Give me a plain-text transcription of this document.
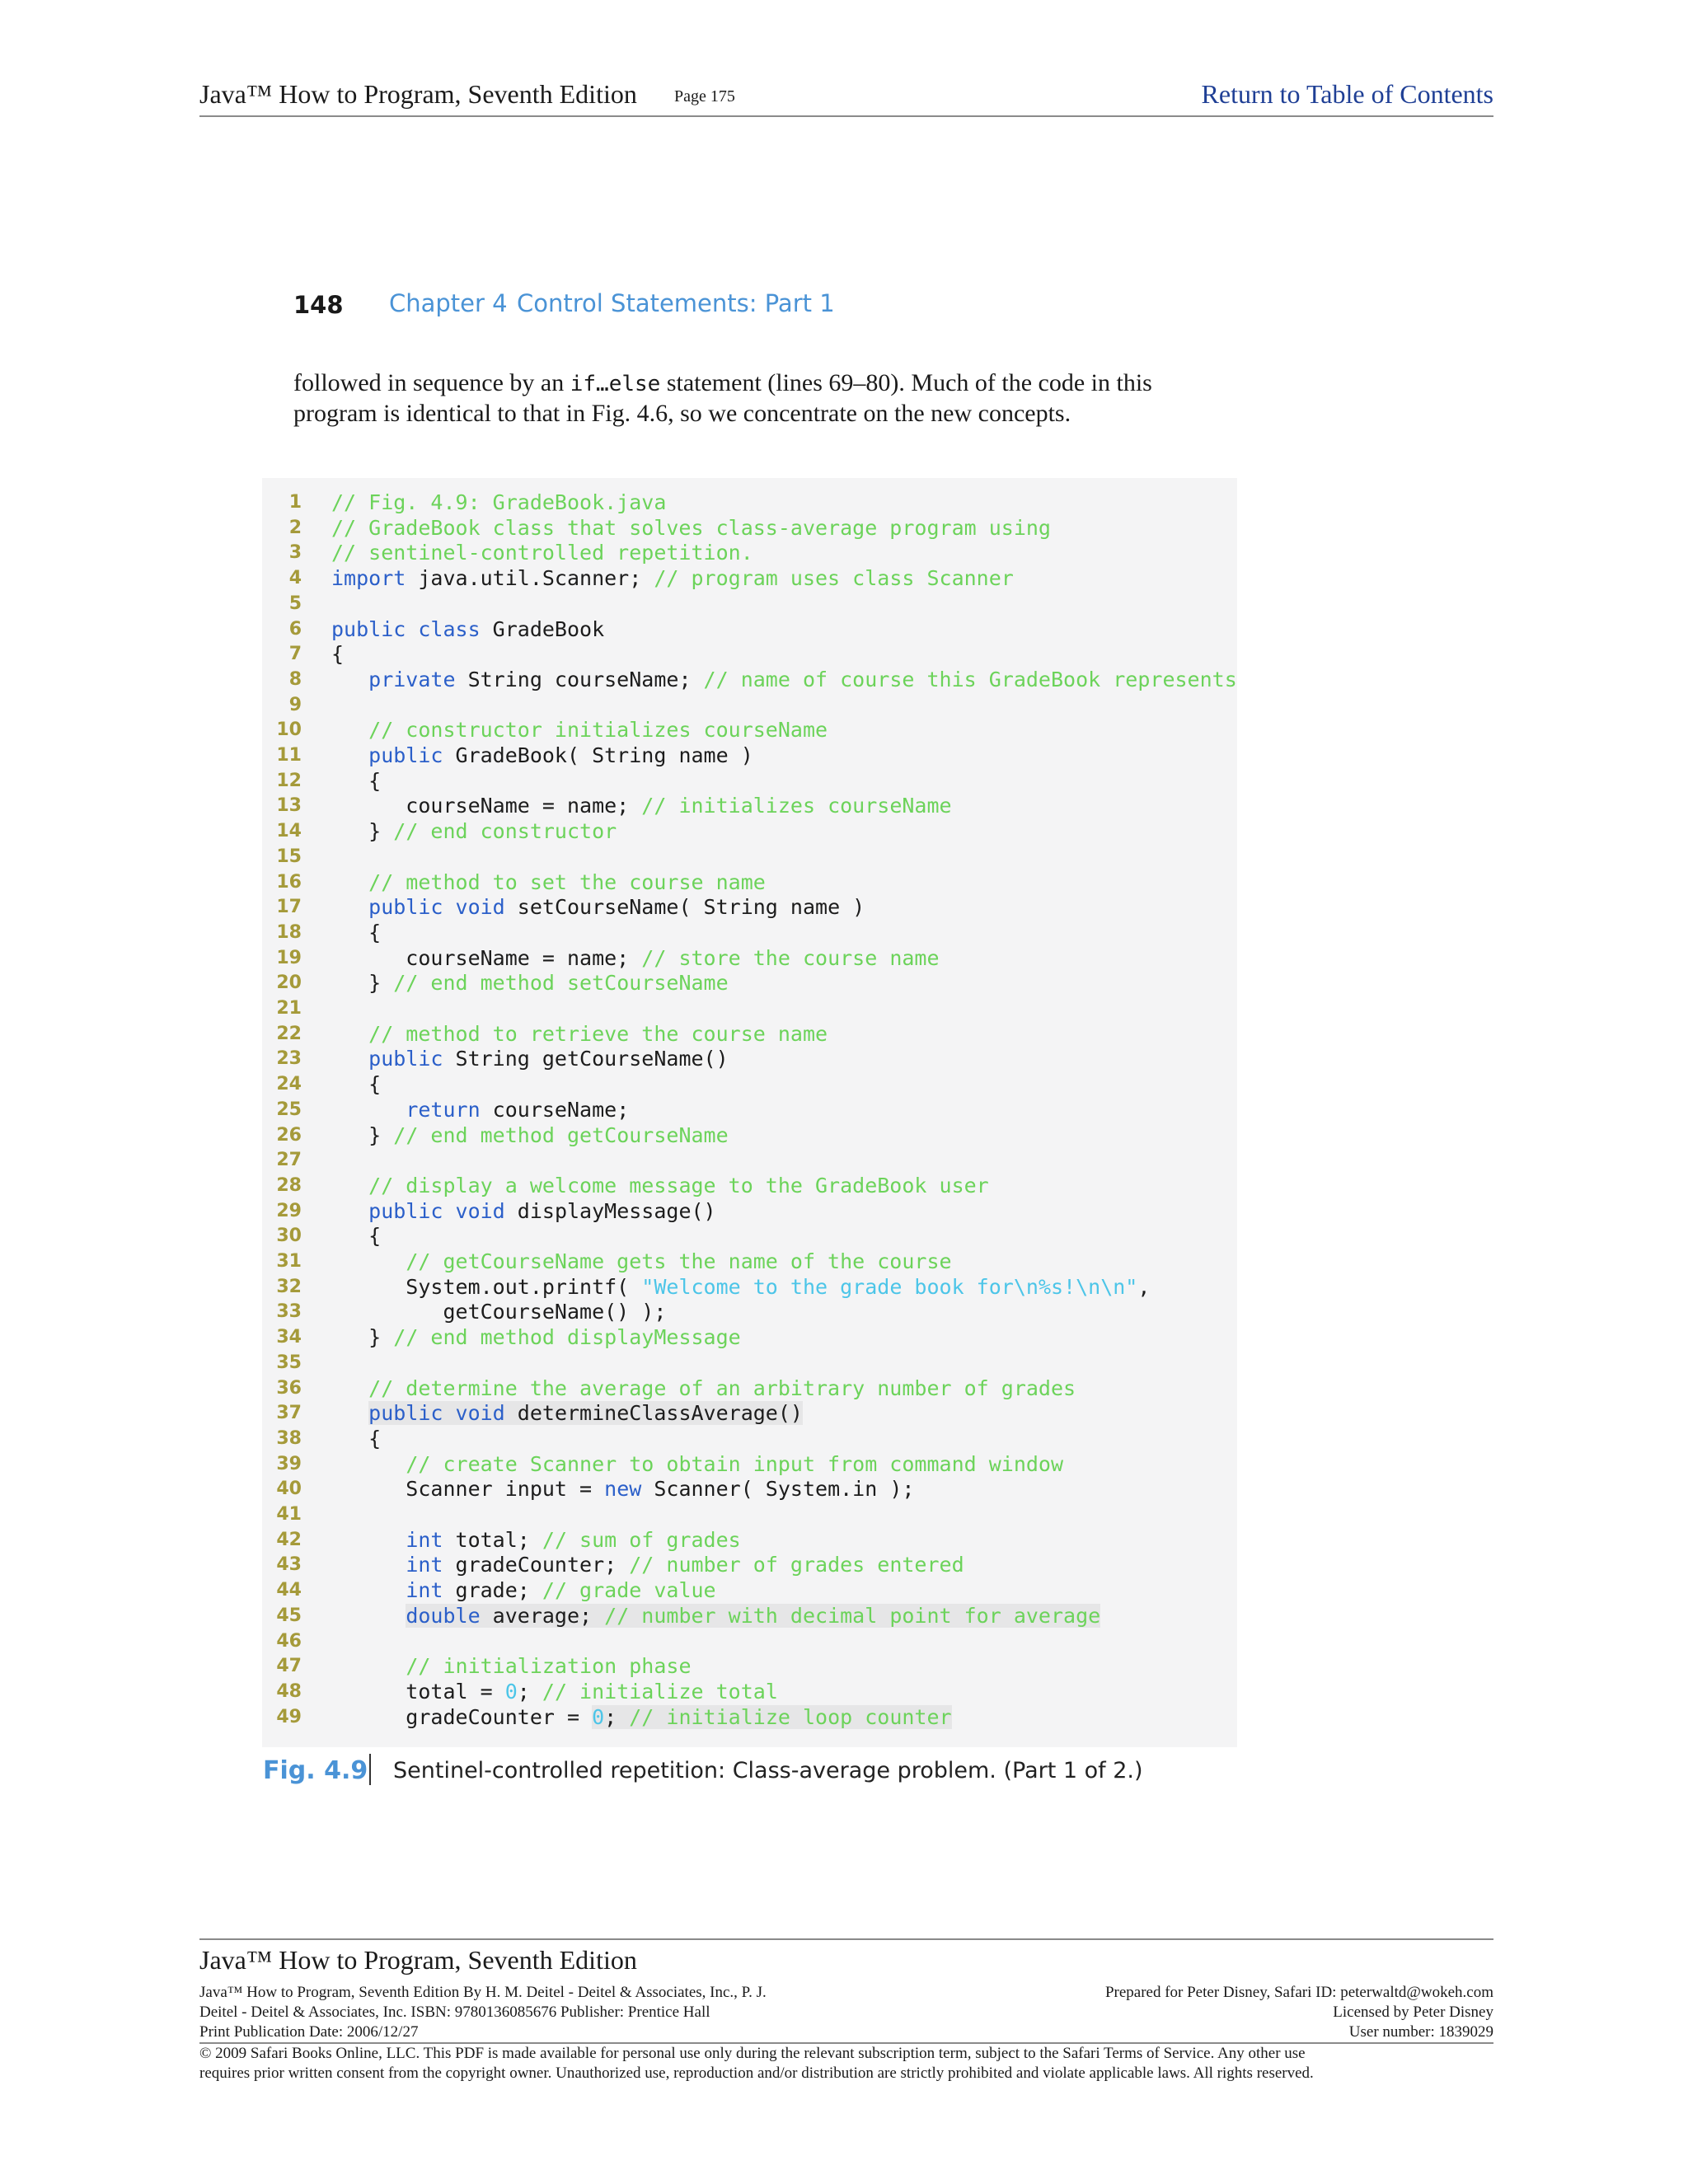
Java™ How to Program, Seventh Edition Page 175	Return to Table of Contents
148 Chapter 4 Control Statements: Part 1
followed in sequence by an if…else statement (lines 69–80). Much of the code in this
program is identical to that in Fig. 4.6, so we concentrate on the new concepts.
1 // Fig. 4.9: GradeBook.java
2 // GradeBook class that solves class-average program using
3 // sentinel-controlled repetition.
4 import java.util.Scanner; // program uses class Scanner
5
6 public class GradeBook
7 {
8	private String courseName; // name of course this GradeBook represents
9
10	// constructor initializes courseName
11	public GradeBook( String name )
12 {
13 courseName = name; // initializes courseName
14 } // end constructor
15
16	// method to set the course name
17	public void setCourseName( String name )
18 {
19 courseName = name; // store the course name
20 } // end method setCourseName
21
22	// method to retrieve the course name
23	public String getCourseName()
24 {
25	return courseName;
26 } // end method getCourseName
27
28	// display a welcome message to the GradeBook user
29	public void displayMessage()
30 {
31	// getCourseName gets the name of the course
32 System.out.printf( "Welcome to the grade book for\n%s!\n\n",
33 getCourseName() );
34 } // end method displayMessage
35
36	// determine the average of an arbitrary number of grades
37	public void determineClassAverage()
38 {
39	// create Scanner to obtain input from command window
40 Scanner input = new Scanner( System.in );
41
42	int total; // sum of grades
43	int gradeCounter; // number of grades entered
44	int grade; // grade value
45	double average; // number with decimal point for average
46
47	// initialization phase
48 total = 0; // initialize total
49 gradeCounter = 0; // initialize loop counter
Fig. 4.9 Sentinel-controlled repetition: Class-average problem. (Part 1 of 2.)
Java™ How to Program, Seventh Edition
Java™ How to Program, Seventh Edition By H. M. Deitel - Deitel & Associates, Inc., P. J.
Deitel - Deitel & Associates, Inc. ISBN: 9780136085676 Publisher: Prentice Hall
Print Publication Date: 2006/12/27
Prepared for Peter Disney, Safari ID: peterwaltd@wokeh.com
Licensed by Peter Disney
User number: 1839029
© 2009 Safari Books Online, LLC. This PDF is made available for personal use only during the relevant subscription term, subject to the Safari Terms of Service. Any other use
requires prior written consent from the copyright owner. Unauthorized use, reproduction and/or distribution are strictly prohibited and violate applicable laws. All rights reserved.
